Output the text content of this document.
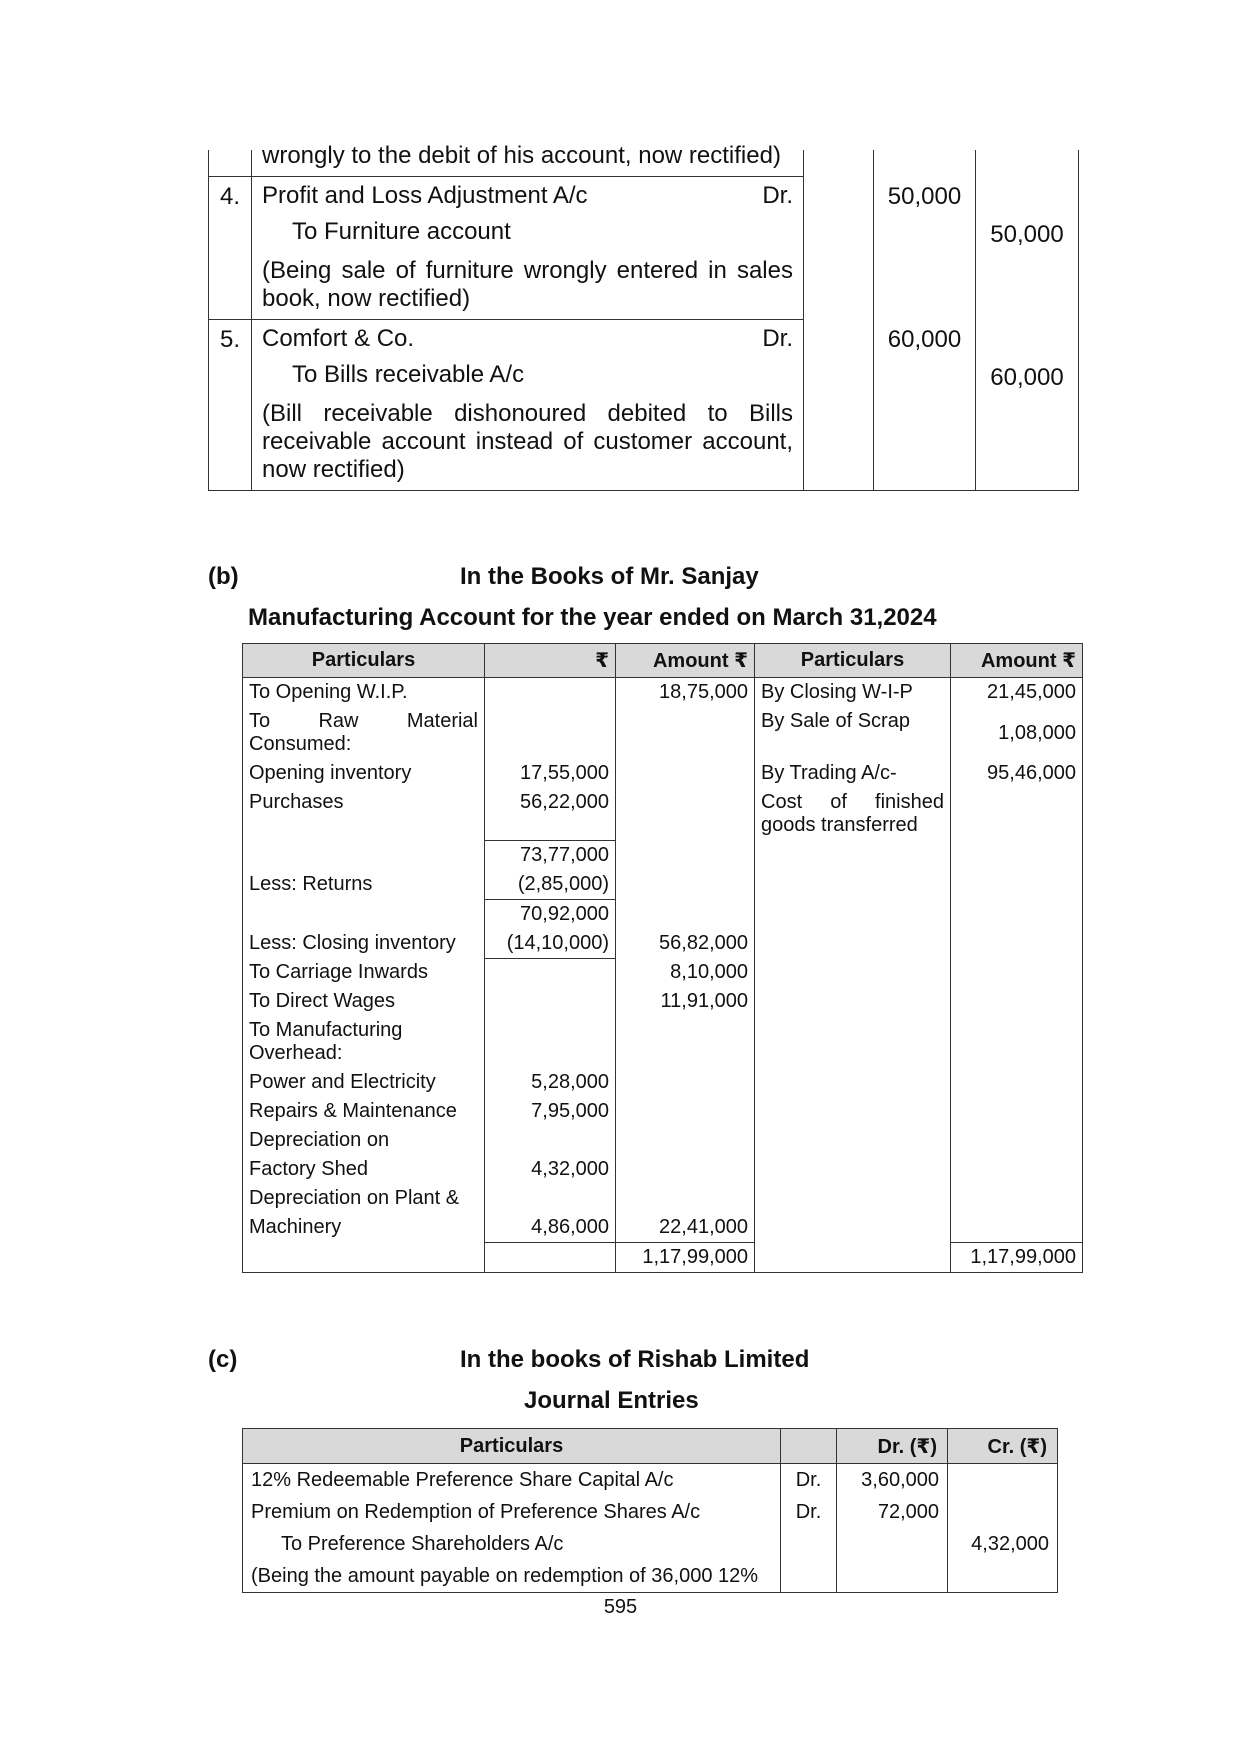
	wrongly to the debit of his account, now rectified)			

4.	Profit and Loss Adjustment A/c Dr.
To Furniture account
(Being sale of furniture wrongly entered in sales book, now rectified)		50,000	50,000
5.	Comfort & Co. Dr.
To Bills receivable A/c
(Bill receivable dishonoured debited to Bills receivable account instead of customer account, now rectified)		60,000	60,000

(b)	In the Books of Mr. Sanjay
Manufacturing Account for the year ended on March 31,2024
Particulars	₹	Amount ₹	Particulars	Amount ₹
To Opening W.I.P.		18,75,000	By Closing W-I-P	21,45,000
To Raw Material Consumed:			By Sale of Scrap	1,08,000
Opening inventory	17,55,000		By Trading A/c-	95,46,000
Purchases	56,22,000		Cost of finished goods transferred	
	73,77,000			
Less: Returns	(2,85,000)			
	70,92,000			
Less: Closing inventory	(14,10,000)	56,82,000		
To Carriage Inwards		8,10,000		
To Direct Wages		11,91,000		
To Manufacturing Overhead:				
Power and Electricity	5,28,000			
Repairs & Maintenance	7,95,000			
Depreciation on				
Factory Shed	4,32,000			
Depreciation on Plant &				
Machinery	4,86,000	22,41,000		
		1,17,99,000		1,17,99,000
(c)	In the books of Rishab Limited
Journal Entries
Particulars		Dr. (₹)	Cr. (₹)
12% Redeemable Preference Share Capital A/c	Dr.	3,60,000	
Premium on Redemption of Preference Shares A/c	Dr.	72,000	
To Preference Shareholders A/c			4,32,000
(Being the amount payable on redemption of 36,000 12%			
595
